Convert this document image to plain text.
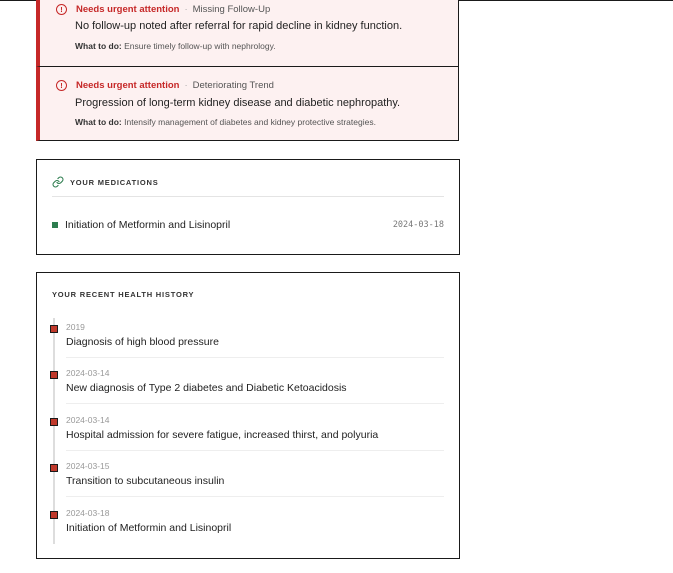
!	Needs urgent attention · Missing Follow-Up
No follow-up noted after referral for rapid decline in kidney function.
What to do: Ensure timely follow-up with nephrology.
!	Needs urgent attention · Deteriorating Trend
Progression of long-term kidney disease and diabetic nephropathy.
What to do: Intensify management of diabetes and kidney protective strategies.
YOUR MEDICATIONS
Initiation of Metformin and Lisinopril	2024-03-18
YOUR RECENT HEALTH HISTORY
2019
Diagnosis of high blood pressure
2024-03-14
New diagnosis of Type 2 diabetes and Diabetic Ketoacidosis
2024-03-14
Hospital admission for severe fatigue, increased thirst, and polyuria
2024-03-15
Transition to subcutaneous insulin
2024-03-18
Initiation of Metformin and Lisinopril
